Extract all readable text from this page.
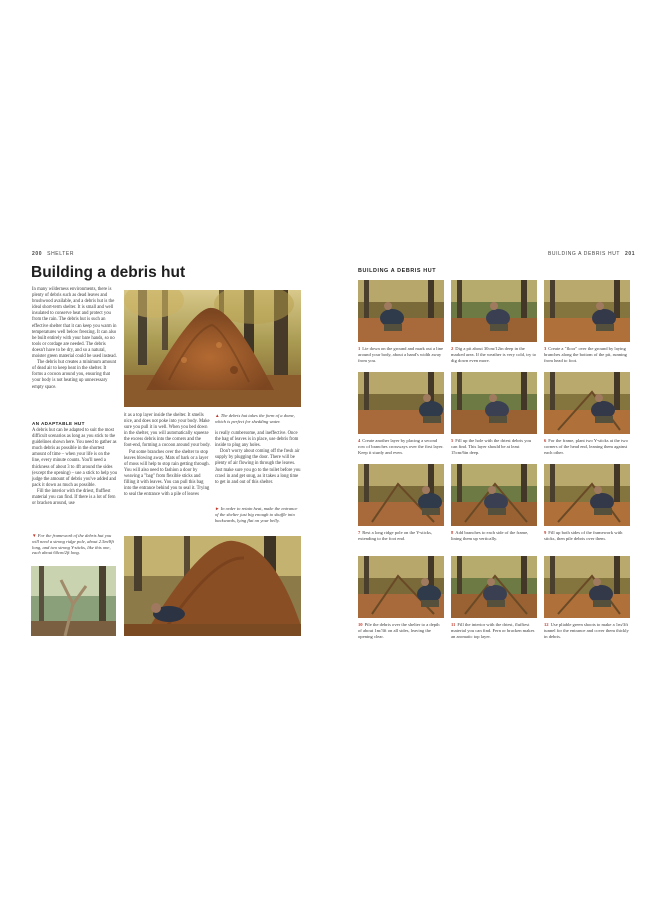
200 SHELTER
Building a debris hut
In many wilderness environments, there is plenty of debris such as dead leaves and brushwood available, and a debris hut is the ideal short-term shelter. It is small and well insulated to conserve heat and protect you from the rain. The debris hut is such an effective shelter that it can keep you warm in temperatures well below freezing. It can also be built entirely with your bare hands, so no tools or cordage are needed. The debris doesn't have to be dry, and so a natural, moister green material could be used instead.
The debris hut creates a minimum amount of dead air to keep heat in the shelter. It forms a cocoon around you, ensuring that your body is not heating up unnecessary empty space.
AN ADAPTABLE HUT
A debris hut can be adapted to suit the most difficult scenarios as long as you stick to the guidelines shown here. You need to gather as much debris as possible in the shortest amount of time – when your life is on the line, every minute counts. You'll need a thickness of about 3 to 4ft around the sides (except the opening) – use a stick to help you judge the amount of debris you've added and pack it down as much as possible.
Fill the interior with the driest, fluffiest material you can find. If there is a lot of fern or bracken around, use
▼ For the framework of the debris hut you will need a strong ridge pole, about 2.5m/8ft long, and two strong Y-sticks, like this one, each about 60cm/2ft long.
it as a top layer inside the shelter. It smells nice, and does not poke into your body. Make sure you pull it in well. When you bed down in the shelter, you will automatically squeeze the excess debris into the corners and the foot-end, forming a cocoon around your body.
Put some branches over the shelter to stop leaves blowing away. Mats of bark or a layer of moss will help to stop rain getting through. You will also need to fashion a door by weaving a "bag" from flexible sticks and filling it with leaves. You can pull this bag into the entrance behind you to seal it. Trying to seal the entrance with a pile of leaves
▲ The debris hut takes the form of a dome, which is perfect for shedding water.
is really cumbersome, and ineffective. Once the bag of leaves is in place, use debris from inside to plug any holes.
Don't worry about coming off the fresh air supply by plugging the door. There will be plenty of air flowing in through the leaves. Just make sure you go to the toilet before you crawl in and get snug, as it takes a long time to get in and out of this shelter.
► In order to retain heat, make the entrance of the shelter just big enough to shuffle into backwards, lying flat on your belly.
BUILDING A DEBRIS HUT 201
BUILDING A DEBRIS HUT
1 Lie down on the ground and mark out a line around your body, about a hand's width away from you.
2 Dig a pit about 30cm/12in deep in the marked area. If the weather is very cold, try to dig down even more.
3 Create a "floor" over the ground by laying branches along the bottom of the pit, running from head to foot.
4 Create another layer by placing a second row of branches crossways over the first layer. Keep it sturdy and even.
5 Fill up the hole with the driest debris you can find. This layer should be at least 15cm/6in deep.
6 For the frame, plant two Y-sticks at the two corners of the head end, leaning them against each other.
7 Rest a long ridge pole on the Y-sticks, extending to the foot end.
8 Add branches to each side of the frame, lining them up vertically.
9 Fill up both sides of the framework with sticks, then pile debris over them.
10 Pile the debris over the shelter to a depth of about 1m/3ft on all sides, leaving the opening clear.
11 Fill the interior with the driest, fluffiest material you can find. Fern or bracken makes an aromatic top layer.
12 Use pliable green shoots to make a 1m/3ft tunnel for the entrance and cover them thickly in debris.
